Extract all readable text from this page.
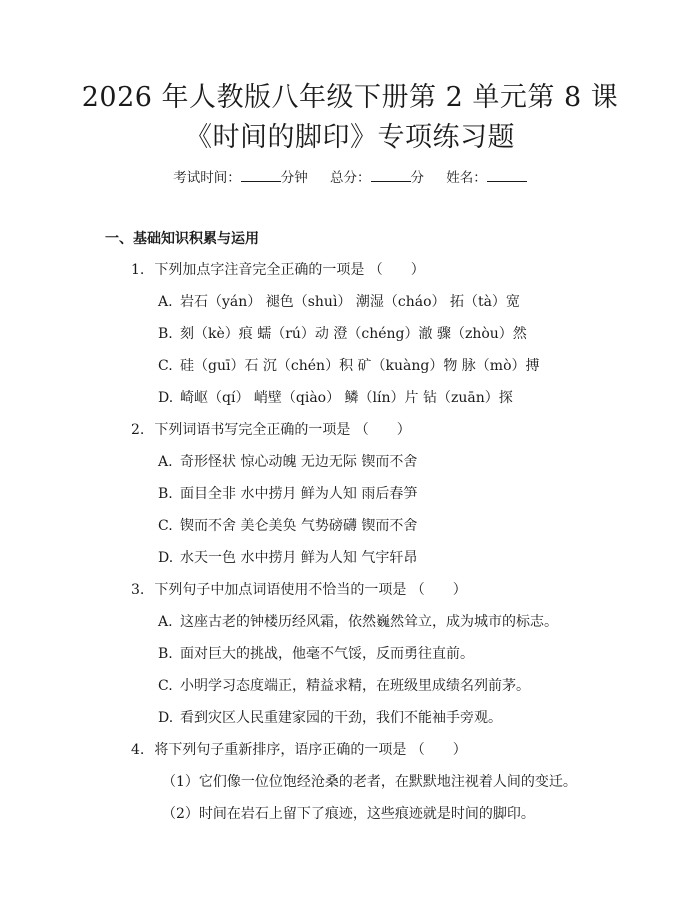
2026 年人教版八年级下册第 2 单元第 8 课
《时间的脚印》专项练习题
考试时间：	分钟 总分：	分 姓名：
一、基础知识积累与运用
1. 下列加点字注音完全正确的一项是 （　　）
A. 岩石（yán） 褪色（shuì） 潮湿（cháo） 拓（tà）宽
B. 刻（kè）痕 蠕（rú）动 澄（chéng）澈 骤（zhòu）然
C. 硅（guī）石 沉（chén）积 矿（kuàng）物 脉（mò）搏
D. 崎岖（qí） 峭壁（qiào） 鳞（lín）片 钻（zuān）探
2. 下列词语书写完全正确的一项是 （　　）
A. 奇形怪状 惊心动魄 无边无际 锲而不舍
B. 面目全非 水中捞月 鲜为人知 雨后春笋
C. 锲而不舍 美仑美奂 气势磅礴 锲而不舍
D. 水天一色 水中捞月 鲜为人知 气宇轩昂
3. 下列句子中加点词语使用不恰当的一项是 （　　）
A. 这座古老的钟楼历经风霜，依然巍然耸立，成为城市的标志。
B. 面对巨大的挑战，他毫不气馁，反而勇往直前。
C. 小明学习态度端正，精益求精，在班级里成绩名列前茅。
D. 看到灾区人民重建家园的干劲，我们不能袖手旁观。
4. 将下列句子重新排序，语序正确的一项是 （　　）
（1）它们像一位位饱经沧桑的老者，在默默地注视着人间的变迁。
（2）时间在岩石上留下了痕迹，这些痕迹就是时间的脚印。
